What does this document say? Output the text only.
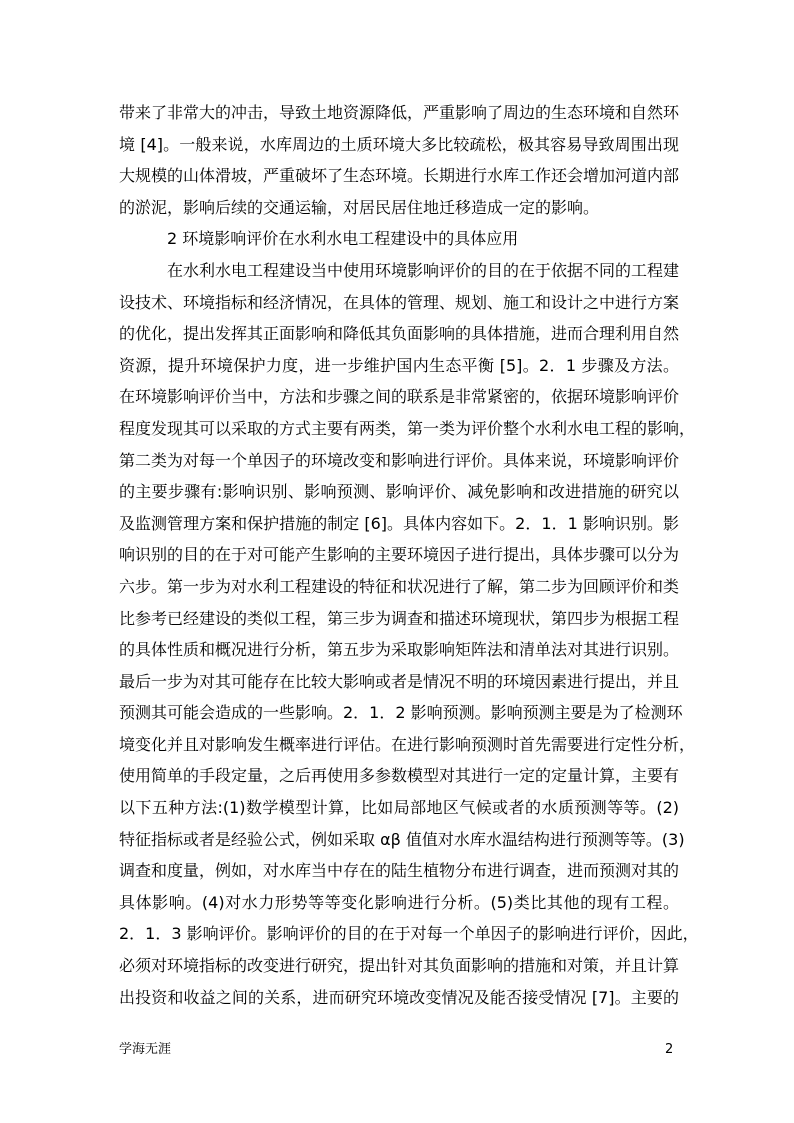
带来了非常大的冲击，导致土地资源降低，严重影响了周边的生态环境和自然环
境 [4]。一般来说，水库周边的土质环境大多比较疏松，极其容易导致周围出现
大规模的山体滑坡，严重破坏了生态环境。长期进行水库工作还会增加河道内部
的淤泥，影响后续的交通运输，对居民居住地迁移造成一定的影响。
2 环境影响评价在水利水电工程建设中的具体应用
在水利水电工程建设当中使用环境影响评价的目的在于依据不同的工程建
设技术、环境指标和经济情况，在具体的管理、规划、施工和设计之中进行方案
的优化，提出发挥其正面影响和降低其负面影响的具体措施，进而合理利用自然
资源，提升环境保护力度，进一步维护国内生态平衡 [5]。2．1 步骤及方法。
在环境影响评价当中，方法和步骤之间的联系是非常紧密的，依据环境影响评价
程度发现其可以采取的方式主要有两类，第一类为评价整个水利水电工程的影响，
第二类为对每一个单因子的环境改变和影响进行评价。具体来说，环境影响评价
的主要步骤有:影响识别、影响预测、影响评价、减免影响和改进措施的研究以
及监测管理方案和保护措施的制定 [6]。具体内容如下。2．1．1 影响识别。影
响识别的目的在于对可能产生影响的主要环境因子进行提出，具体步骤可以分为
六步。第一步为对水利工程建设的特征和状况进行了解，第二步为回顾评价和类
比参考已经建设的类似工程，第三步为调查和描述环境现状，第四步为根据工程
的具体性质和概况进行分析，第五步为采取影响矩阵法和清单法对其进行识别。
最后一步为对其可能存在比较大影响或者是情况不明的环境因素进行提出，并且
预测其可能会造成的一些影响。2．1．2 影响预测。影响预测主要是为了检测环
境变化并且对影响发生概率进行评估。在进行影响预测时首先需要进行定性分析，
使用简单的手段定量，之后再使用多参数模型对其进行一定的定量计算，主要有
以下五种方法:(1)数学模型计算，比如局部地区气候或者的水质预测等等。(2)
特征指标或者是经验公式，例如采取 αβ 值值对水库水温结构进行预测等等。(3)
调查和度量，例如，对水库当中存在的陆生植物分布进行调查，进而预测对其的
具体影响。(4)对水力形势等等变化影响进行分析。(5)类比其他的现有工程。
2．1．3 影响评价。影响评价的目的在于对每一个单因子的影响进行评价，因此，
必须对环境指标的改变进行研究，提出针对其负面影响的措施和对策，并且计算
出投资和收益之间的关系，进而研究环境改变情况及能否接受情况 [7]。主要的
学海无涯	2
